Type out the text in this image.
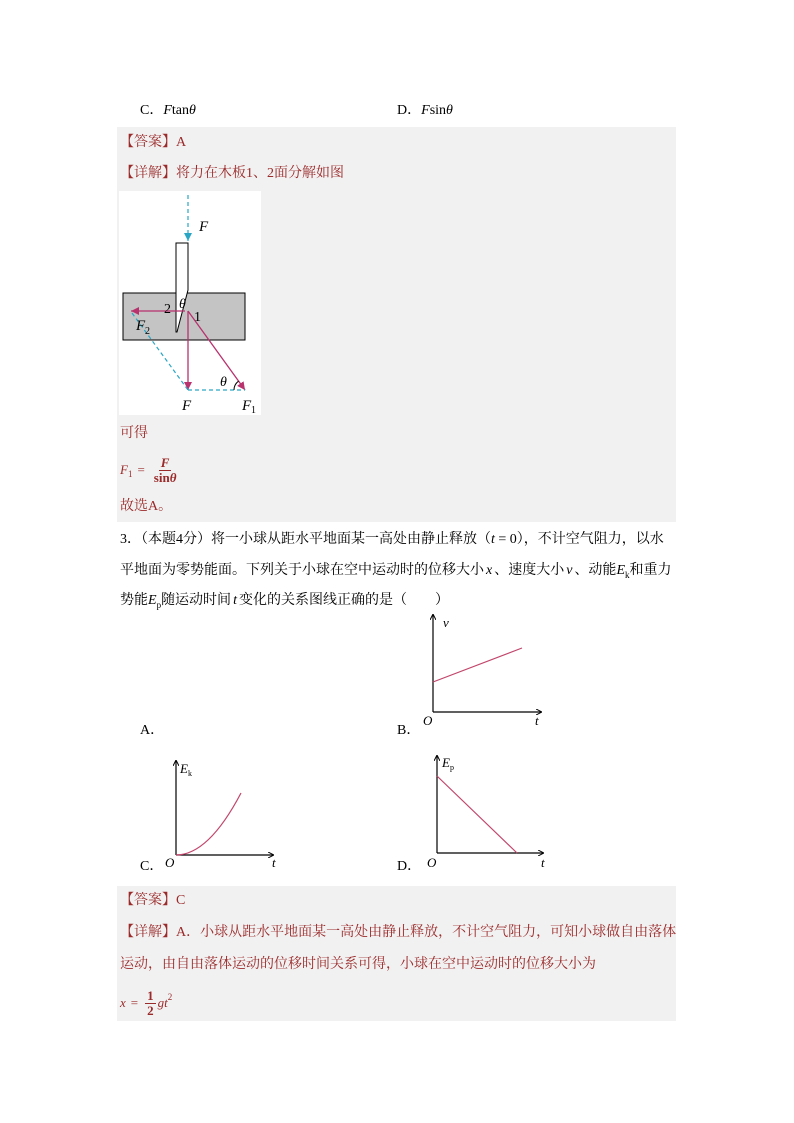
C．Ftanθ	D．Fsinθ
【答案】A
【详解】将力在木板1、2面分解如图
F
2 θ
1
F 2
F	F 1
θ
可得
F $1 = \frac{F}{\sin\theta}$
故选A。
3．（本题4分）将一小球从距水平地面某一高处由静止释放（t = 0），不计空气阻力，以水
平地面为零势能面。下列关于小球在空中运动时的位移大小 x 、速度大小 v 、动能$E_k$和重力
势能$E_p$随运动时间 t 变化的关系图线正确的是（　　）
v
O	t
A．	B．
E k
O	t
E p
O	t
C．	D．
【答案】C
【详解】A．小球从距水平地面某一高处由静止释放，不计空气阻力，可知小球做自由落体
运动，由自由落体运动的位移时间关系可得，小球在空中运动时的位移大小为
$x = \frac{1}{2}$ g t 2
